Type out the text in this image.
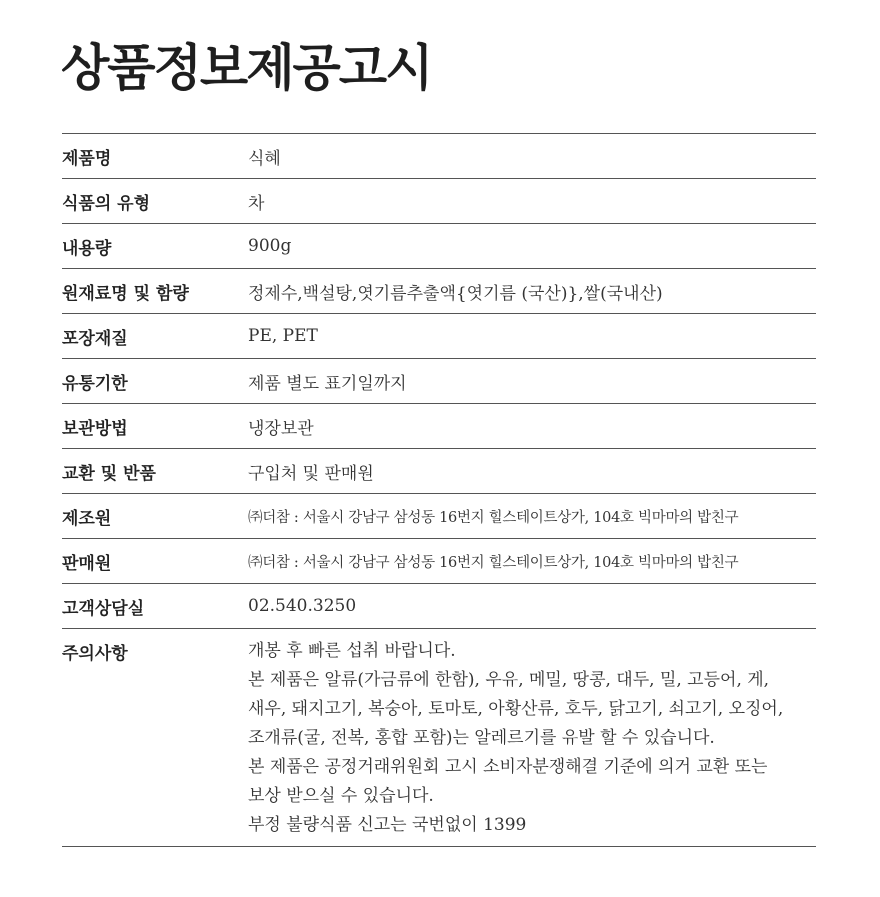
상품정보제공고시
제품명	식혜
식품의 유형	차
내용량	900g
원재료명 및 함량	정제수,백설탕,엿기름추출액{엿기름 (국산)},쌀(국내산)
포장재질	PE, PET
유통기한	제품 별도 표기일까지
보관방법	냉장보관
교환 및 반품	구입처 및 판매원
제조원	㈜더참 : 서울시 강남구 삼성동 16번지 힐스테이트상가, 104호 빅마마의 밥친구
판매원	㈜더참 : 서울시 강남구 삼성동 16번지 힐스테이트상가, 104호 빅마마의 밥친구
고객상담실	02.540.3250
주의사항	개봉 후 빠른 섭취 바랍니다.
본 제품은 알류(가금류에 한함), 우유, 메밀, 땅콩, 대두, 밀, 고등어, 게,
새우, 돼지고기, 복숭아, 토마토, 아황산류, 호두, 닭고기, 쇠고기, 오징어,
조개류(굴, 전복, 홍합 포함)는 알레르기를 유발 할 수 있습니다.
본 제품은 공정거래위원회 고시 소비자분쟁해결 기준에 의거 교환 또는
보상 받으실 수 있습니다.
부정 불량식품 신고는 국번없이 1399
